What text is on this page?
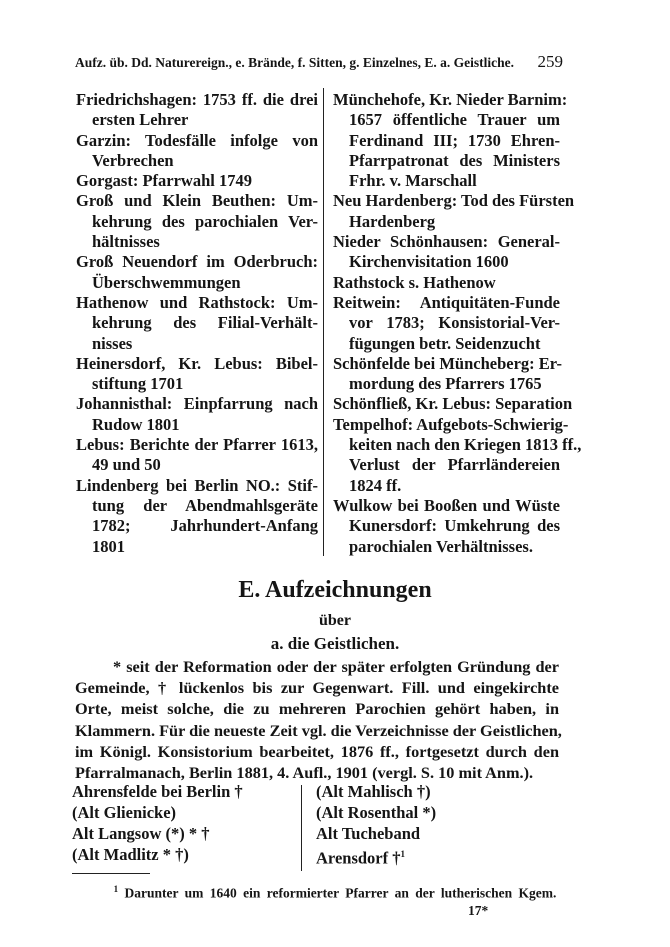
Aufz. üb. Dd. Naturereign., e. Brände, f. Sitten, g. Einzelnes, E. a. Geistliche. 259
Friedrichshagen: 1753 ff. die drei
ersten Lehrer
Garzin: Todesfälle infolge von
Verbrechen
Gorgast: Pfarrwahl 1749
Groß und Klein Beuthen: Um-
kehrung des parochialen Ver-
hältnisses
Groß Neuendorf im Oderbruch:
Überschwemmungen
Hathenow und Rathstock: Um-
kehrung des Filial-Verhält-
nisses
Heinersdorf, Kr. Lebus: Bibel-
stiftung 1701
Johannisthal: Einpfarrung nach
Rudow 1801
Lebus: Berichte der Pfarrer 1613,
49 und 50
Lindenberg bei Berlin NO.: Stif-
tung der Abendmahlsgeräte
1782; Jahrhundert-Anfang
1801
Münchehofe, Kr. Nieder Barnim:
1657 öffentliche Trauer um
Ferdinand III; 1730 Ehren-
Pfarrpatronat des Ministers
Frhr. v. Marschall
Neu Hardenberg: Tod des Fürsten
Hardenberg
Nieder Schönhausen: General-
Kirchenvisitation 1600
Rathstock s. Hathenow
Reitwein: Antiquitäten-Funde
vor 1783; Konsistorial-Ver-
fügungen betr. Seidenzucht
Schönfelde bei Müncheberg: Er-
mordung des Pfarrers 1765
Schönfließ, Kr. Lebus: Separation
Tempelhof: Aufgebots-Schwierig-
keiten nach den Kriegen 1813 ff.,
Verlust der Pfarrländereien
1824 ff.
Wulkow bei Booßen und Wüste
Kunersdorf: Umkehrung des
parochialen Verhältnisses.
E. Aufzeichnungen
über
a. die Geistlichen.
* seit der Reformation oder der später erfolgten Gründung der
Gemeinde, † lückenlos bis zur Gegenwart. Fill. und eingekirchte
Orte, meist solche, die zu mehreren Parochien gehört haben, in
Klammern. Für die neueste Zeit vgl. die Verzeichnisse der Geistlichen,
im Königl. Konsistorium bearbeitet, 1876 ff., fortgesetzt durch den
Pfarralmanach, Berlin 1881, 4. Aufl., 1901 (vergl. S. 10 mit Anm.).
Ahrensfelde bei Berlin †
(Alt Glienicke)
Alt Langsow (*) * †
(Alt Madlitz * †)
(Alt Mahlisch †)
(Alt Rosenthal *)
Alt Tucheband
Arensdorf †$^1$
$^1$ Darunter um 1640 ein reformierter Pfarrer an der lutherischen Kgem.
17*
